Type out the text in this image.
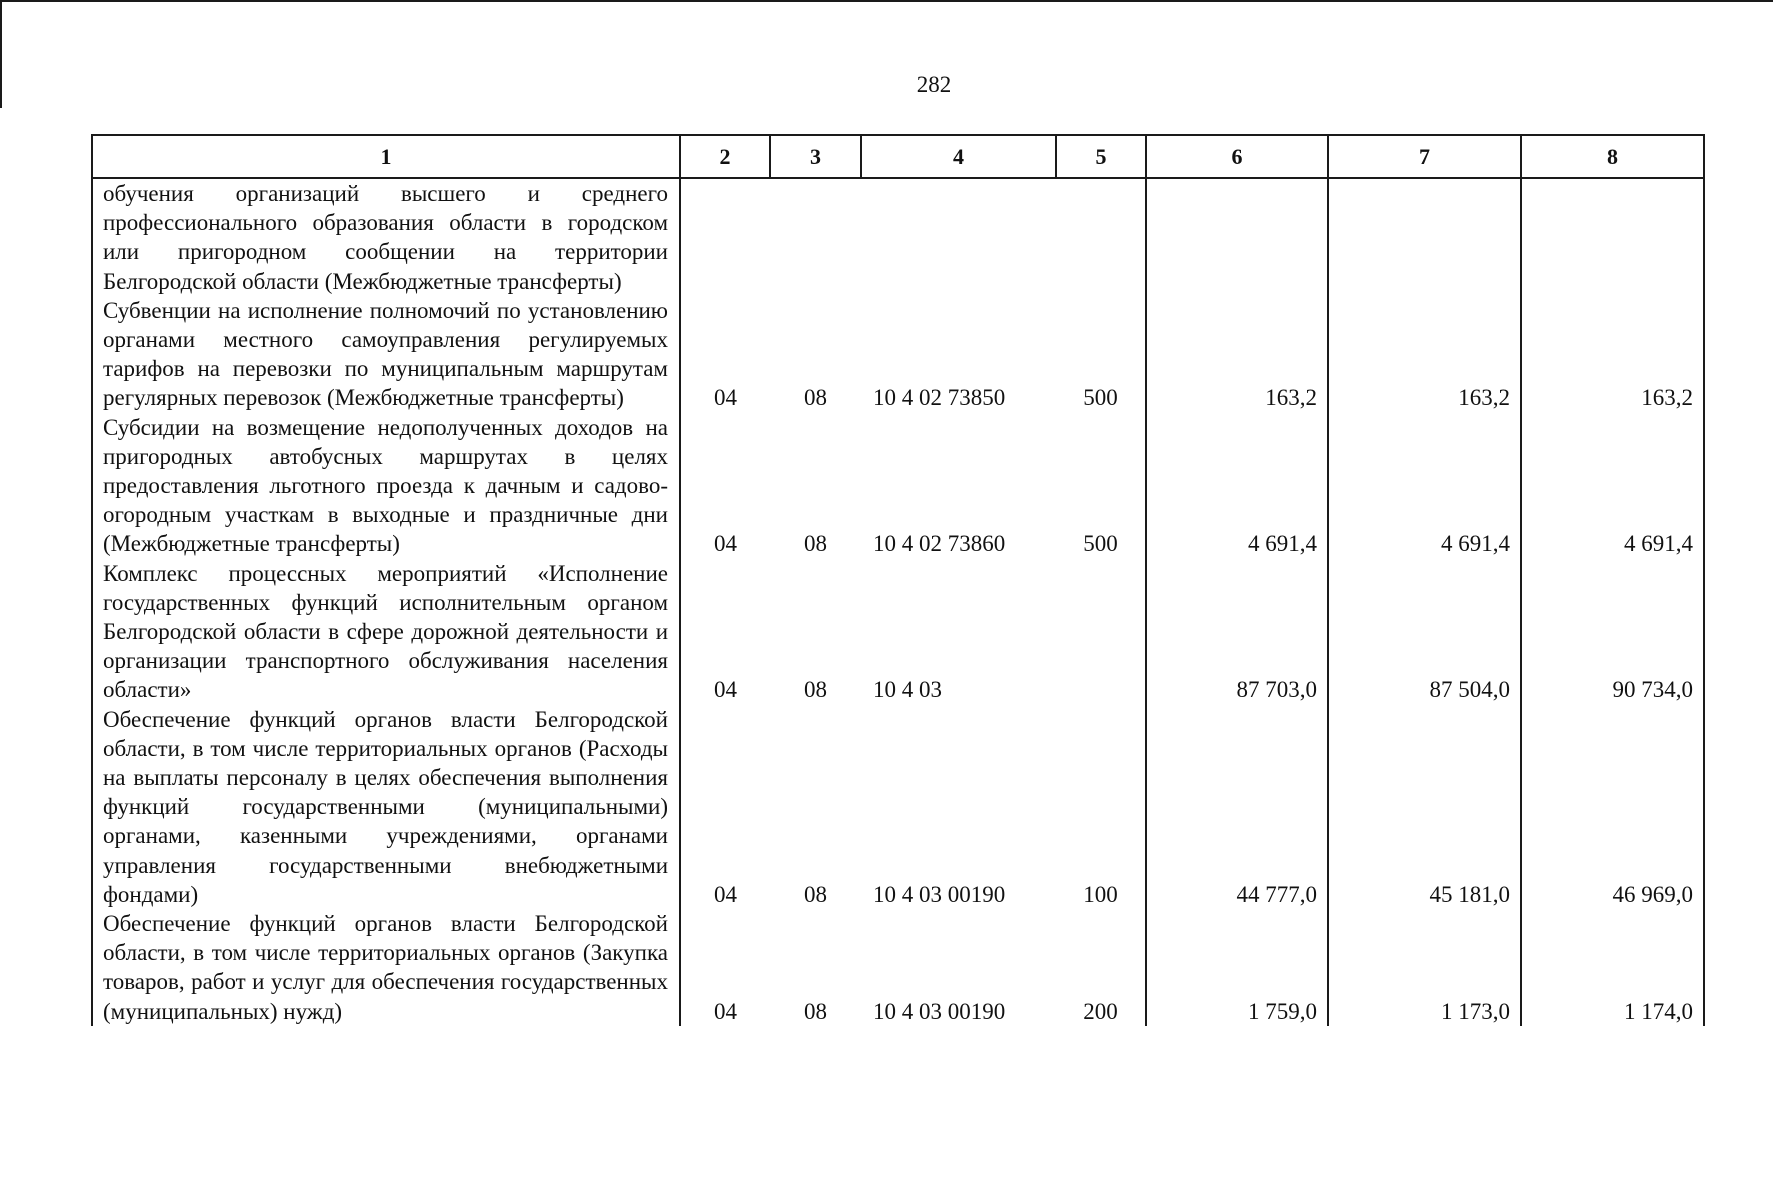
282
1	2	3	4	5	6	7	8
обучения организаций высшего и среднего профессионального образования области в городском или пригородном сообщении на территории Белгородской области (Межбюджетные трансферты)							
Субвенции на исполнение полномочий по установлению органами местного самоуправления регулируемых тарифов на перевозки по муниципальным маршрутам регулярных перевозок (Межбюджетные трансферты)	04	08	10 4 02 73850	500	163,2	163,2	163,2
Субсидии на возмещение недополученных доходов на пригородных автобусных маршрутах в целях предоставления льготного проезда к дачным и садово-огородным участкам в выходные и праздничные дни (Межбюджетные трансферты)	04	08	10 4 02 73860	500	4 691,4	4 691,4	4 691,4
Комплекс процессных мероприятий «Исполнение государственных функций исполнительным органом Белгородской области в сфере дорожной деятельности и организации транспортного обслуживания населения области»	04	08	10 4 03		87 703,0	87 504,0	90 734,0
Обеспечение функций органов власти Белгородской области, в том числе территориальных органов (Расходы на выплаты персоналу в целях обеспечения выполнения функций государственными (муниципальными) органами, казенными учреждениями, органами управления государственными внебюджетными фондами)	04	08	10 4 03 00190	100	44 777,0	45 181,0	46 969,0
Обеспечение функций органов власти Белгородской области, в том числе территориальных органов (Закупка товаров, работ и услуг для обеспечения государственных (муниципальных) нужд)	04	08	10 4 03 00190	200	1 759,0	1 173,0	1 174,0
